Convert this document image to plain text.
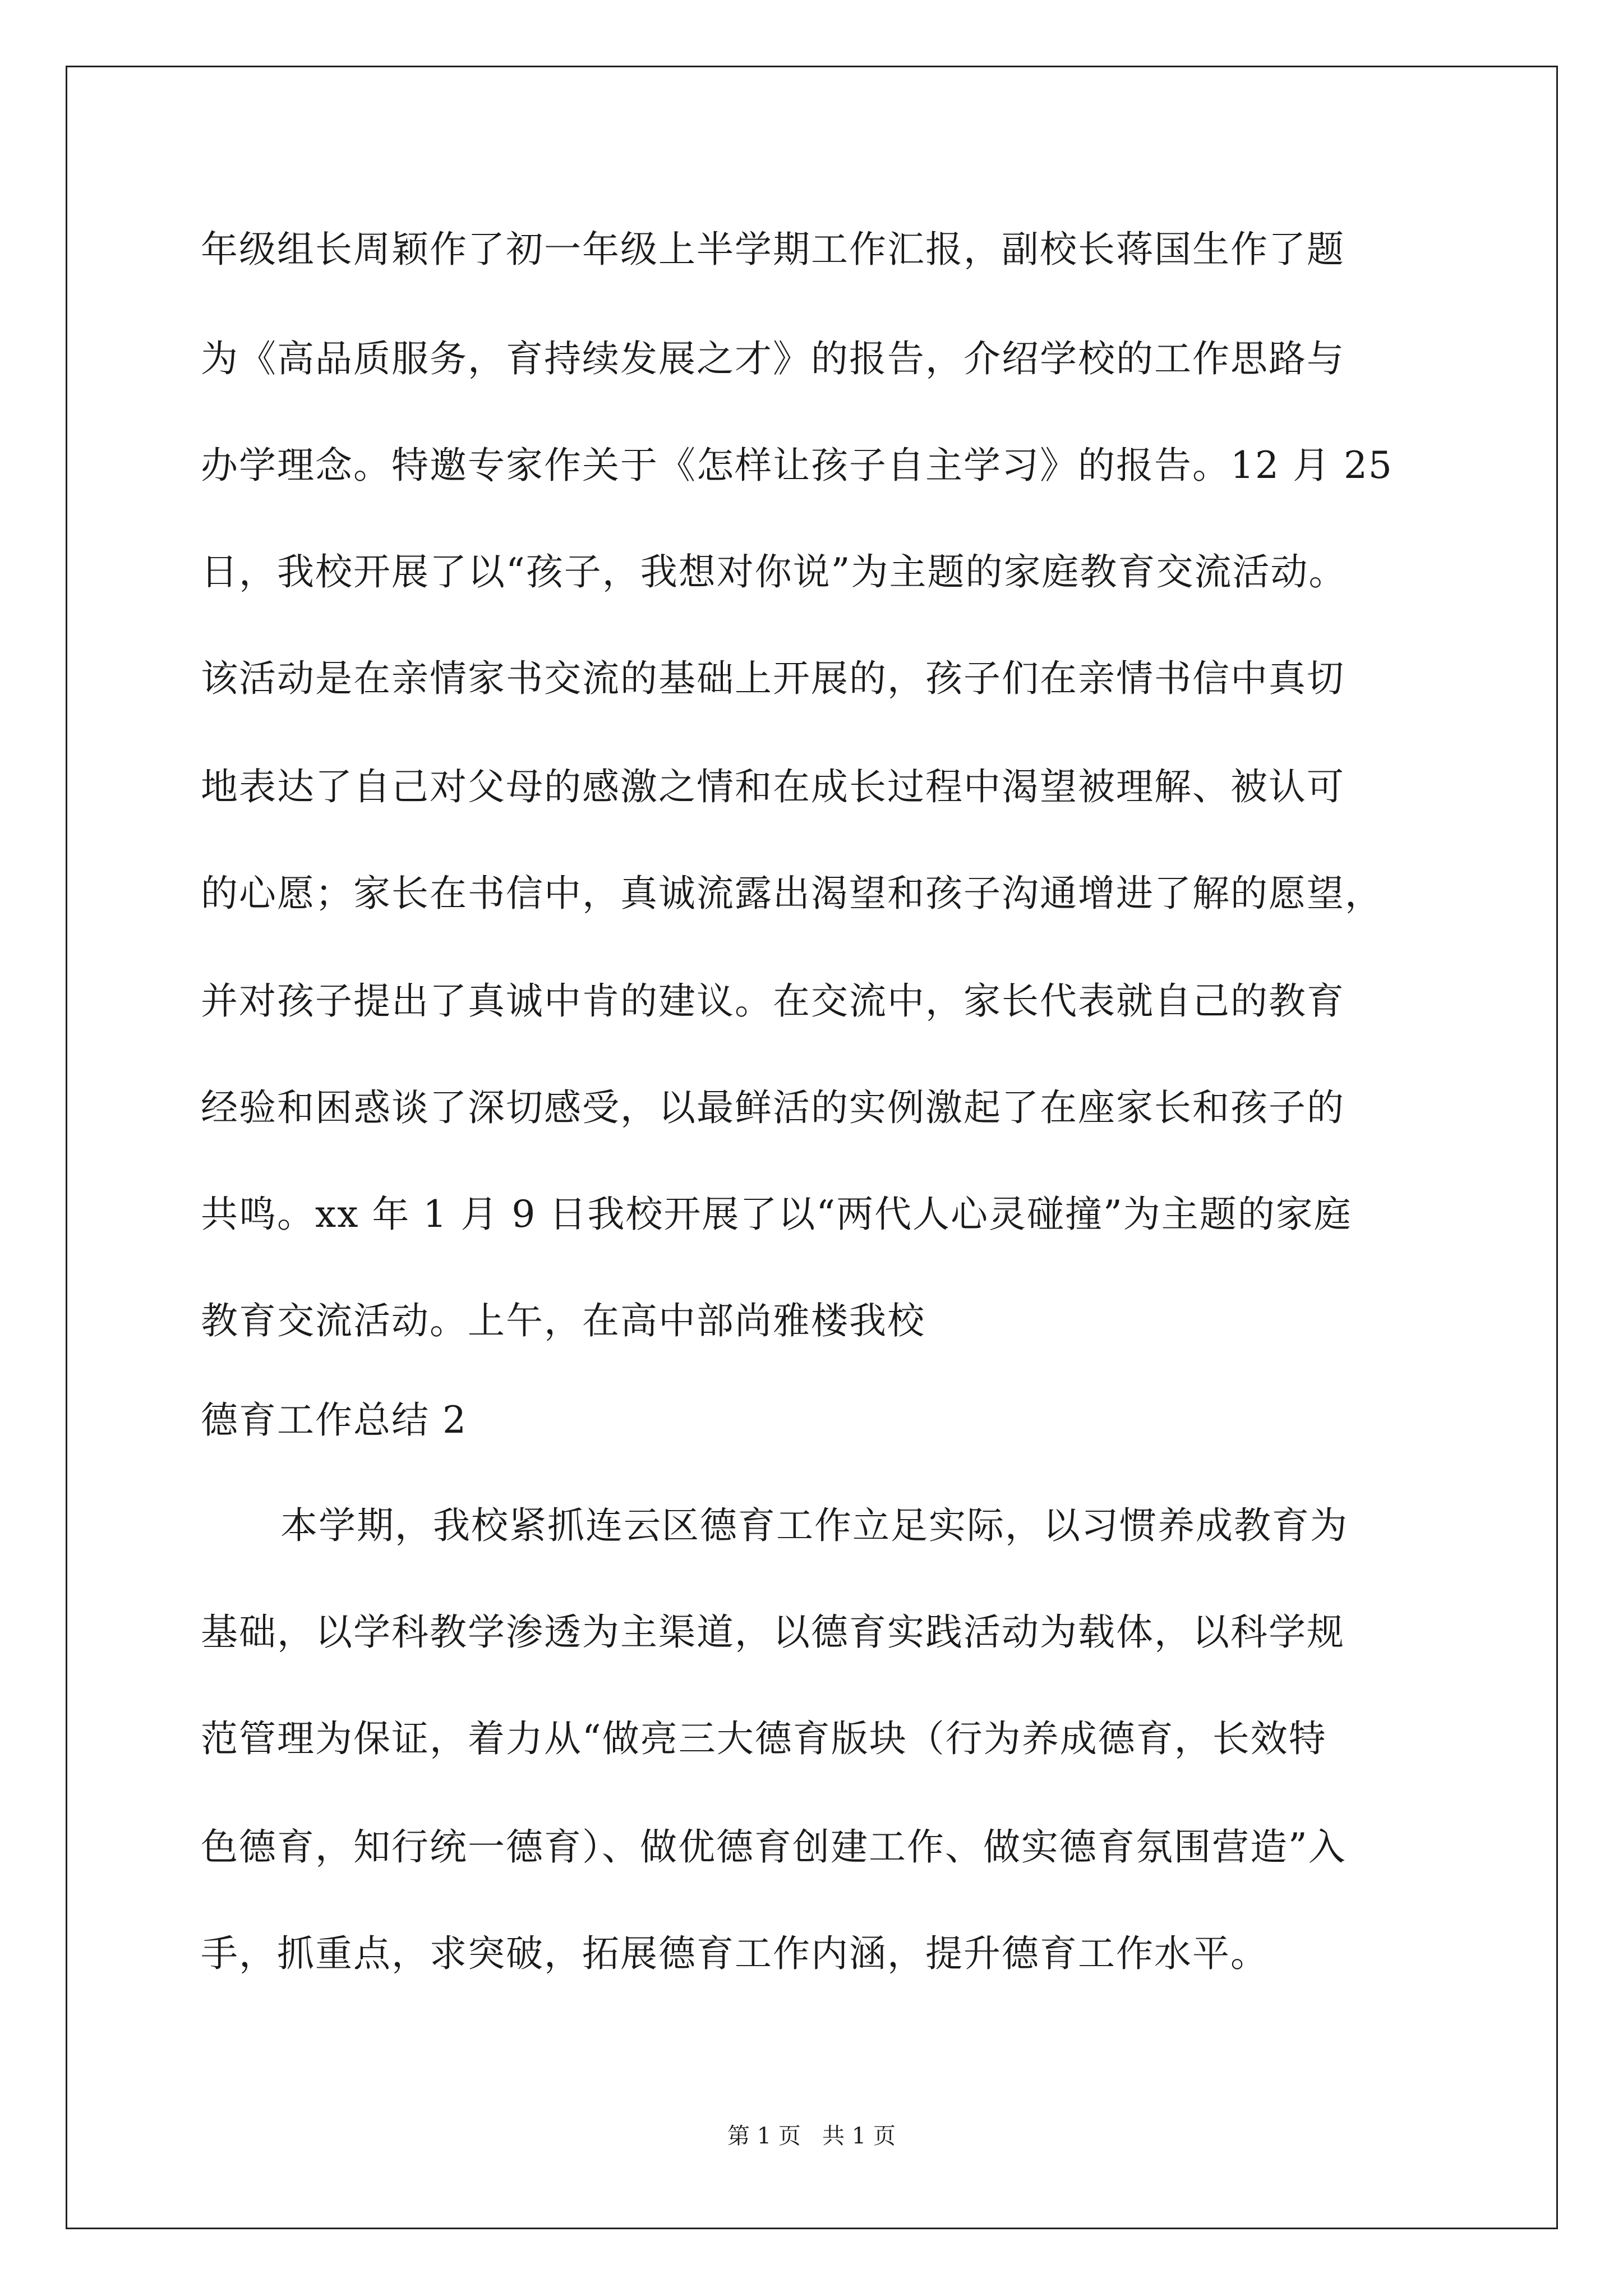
年级组长周颖作了初一年级上半学期工作汇报，副校长蒋国生作了题
为《高品质服务，育持续发展之才》的报告，介绍学校的工作思路与
办学理念。特邀专家作关于《怎样让孩子自主学习》的报告。12 月 25
日，我校开展了以“孩子，我想对你说”为主题的家庭教育交流活动。
该活动是在亲情家书交流的基础上开展的，孩子们在亲情书信中真切
地表达了自己对父母的感激之情和在成长过程中渴望被理解、被认可
的心愿；家长在书信中，真诚流露出渴望和孩子沟通增进了解的愿望，
并对孩子提出了真诚中肯的建议。在交流中，家长代表就自己的教育
经验和困惑谈了深切感受，以最鲜活的实例激起了在座家长和孩子的
共鸣。xx 年 1 月 9 日我校开展了以“两代人心灵碰撞”为主题的家庭
教育交流活动。上午，在高中部尚雅楼我校
德育工作总结 2
本学期，我校紧抓连云区德育工作立足实际，以习惯养成教育为
基础，以学科教学渗透为主渠道，以德育实践活动为载体，以科学规
范管理为保证，着力从“做亮三大德育版块（行为养成德育，长效特
色德育，知行统一德育）、做优德育创建工作、做实德育氛围营造”入
手，抓重点，求突破，拓展德育工作内涵，提升德育工作水平。
第 1 页   共 1 页
